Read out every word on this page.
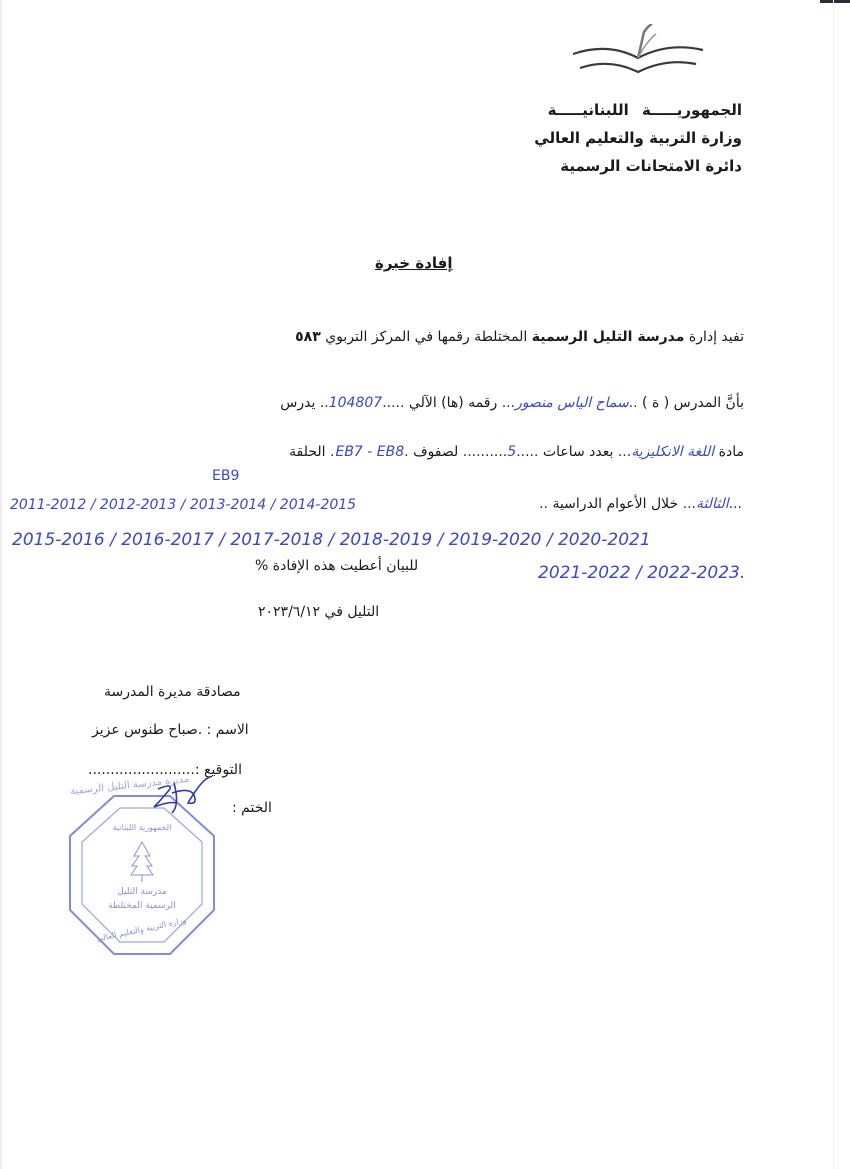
الجمهوريـــــة اللبنانيـــــة
وزارة التربية والتعليم العالي
دائرة الامتحانات الرسمية
إفادة خبرة
تفيد إدارة مدرسة التليل الرسمية المختلطة رقمها في المركز التربوي ٥٨٣
بأنَّ المدرس ( ة ) ..سماح الياس منصور... رقمه (ها) الآلي .....104807.. يدرس
مادة اللغة الانكليزية... بعدد ساعات .....5.......... لصفوف .EB7 - EB8. الحلقة
EB9
...الثالثة... خلال الأعوام الدراسية ..
2011-2012 / 2012-2013 / 2013-2014 / 2014-2015
2015-2016 / 2016-2017 / 2017-2018 / 2018-2019 / 2019-2020 / 2020-2021
2021-2022 / 2022-2023.
للبيان أعطيت هذه الإفادة %
التليل في ٢٠٢٣/٦/١٢
مصادقة مديرة المدرسة
الاسم : .صباح طنوس عزيز
التوقيع :........................
الختم :
مديرة مدرسة التليل الرسمية
الجمهورية اللبنانية
مدرسة التليل
الرسمية المختلطة
وزارة التربية والتعليم العالي
